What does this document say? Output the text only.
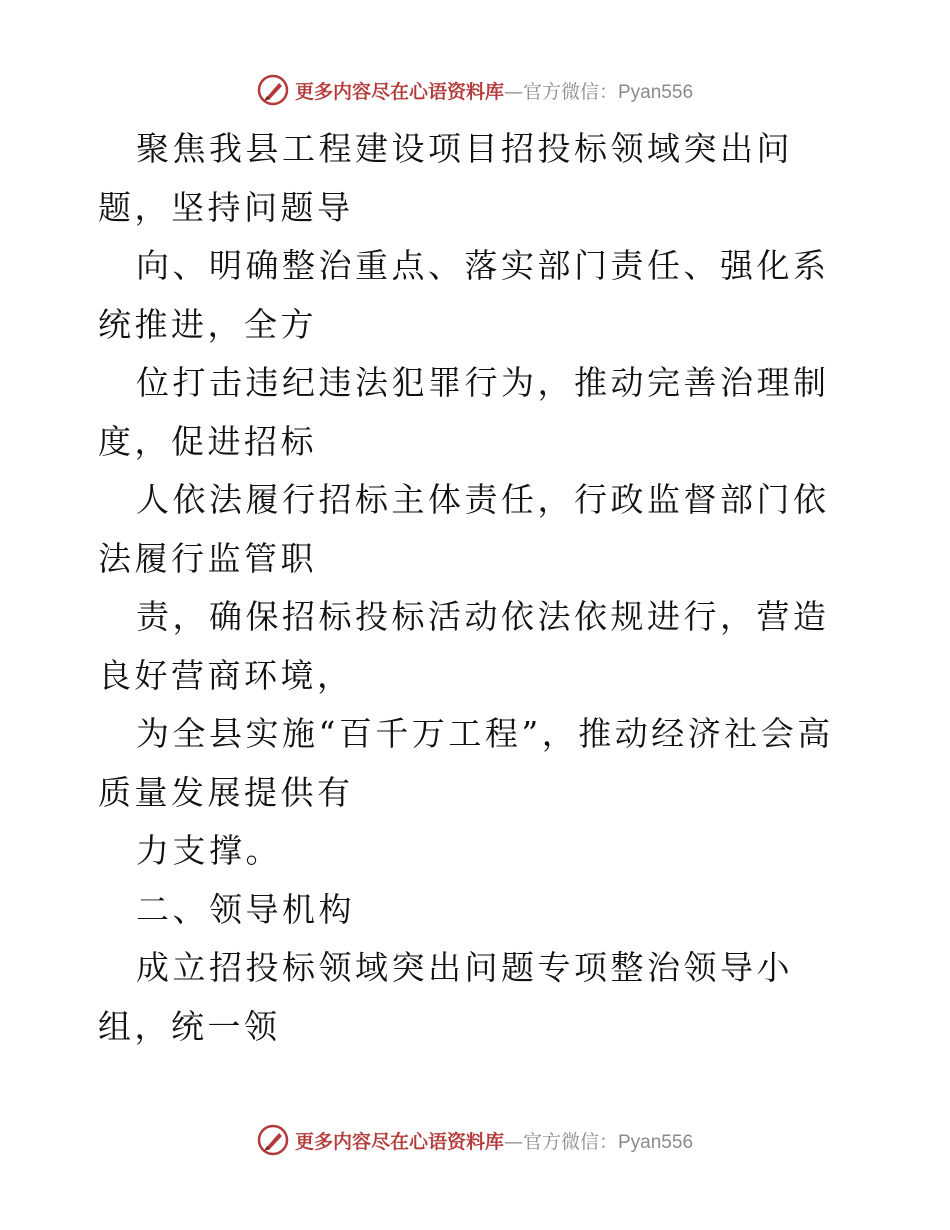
更多内容尽在心语资料库—官方微信：Pyan556

聚焦我县工程建设项目招投标领域突出问题，坚持问题导

向、明确整治重点、落实部门责任、强化系统推进，全方

位打击违纪违法犯罪行为，推动完善治理制度，促进招标

人依法履行招标主体责任，行政监督部门依法履行监管职

责，确保招标投标活动依法依规进行，营造良好营商环境，

为全县实施“百千万工程”，推动经济社会高质量发展提供有

力支撑。

二、领导机构

成立招投标领域突出问题专项整治领导小组，统一领

更多内容尽在心语资料库—官方微信：Pyan556
